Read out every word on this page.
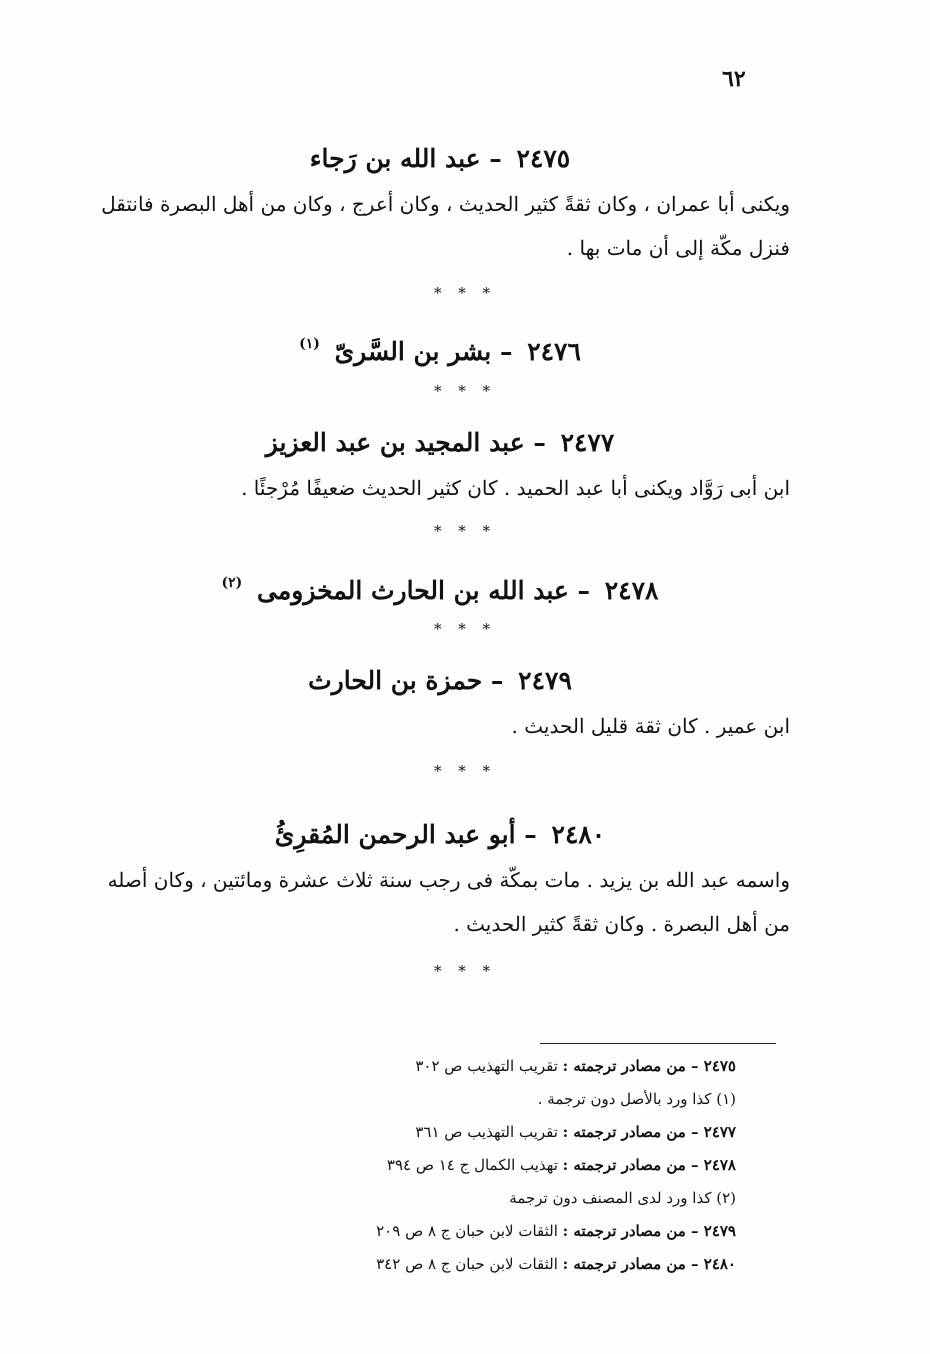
٦٢
٢٤٧٥ – عبد الله بن رَجاء
ويكنى أبا عمران ، وكان ثقةً كثير الحديث ، وكان أعرج ، وكان من أهل البصرة فانتقل فنزل مكّة إلى أن مات بها .
* * *
٢٤٧٦ – بشر بن السَّرىّ $^{(١)}$
* * *
٢٤٧٧ – عبد المجيد بن عبد العزيز
ابن أبى رَوَّاد ويكنى أبا عبد الحميد . كان كثير الحديث ضعيفًا مُرْجئًا .
* * *
٢٤٧٨ – عبد الله بن الحارث المخزومى $^{(٢)}$
* * *
٢٤٧٩ – حمزة بن الحارث
ابن عمير . كان ثقة قليل الحديث .
* * *
٢٤٨٠ – أبو عبد الرحمن المُقرِئُ
واسمه عبد الله بن يزيد . مات بمكّة فى رجب سنة ثلاث عشرة ومائتين ، وكان أصله من أهل البصرة . وكان ثقةً كثير الحديث .
* * *
٢٤٧٥ – من مصادر ترجمته : تقريب التهذيب ص ٣٠٢
(١) كذا ورد بالأصل دون ترجمة .
٢٤٧٧ – من مصادر ترجمته : تقريب التهذيب ص ٣٦١
٢٤٧٨ – من مصادر ترجمته : تهذيب الكمال ج ١٤ ص ٣٩٤
(٢) كذا ورد لدى المصنف دون ترجمة
٢٤٧٩ – من مصادر ترجمته : الثقات لابن حبان ج ٨ ص ٢٠٩
٢٤٨٠ – من مصادر ترجمته : الثقات لابن حبان ج ٨ ص ٣٤٢
